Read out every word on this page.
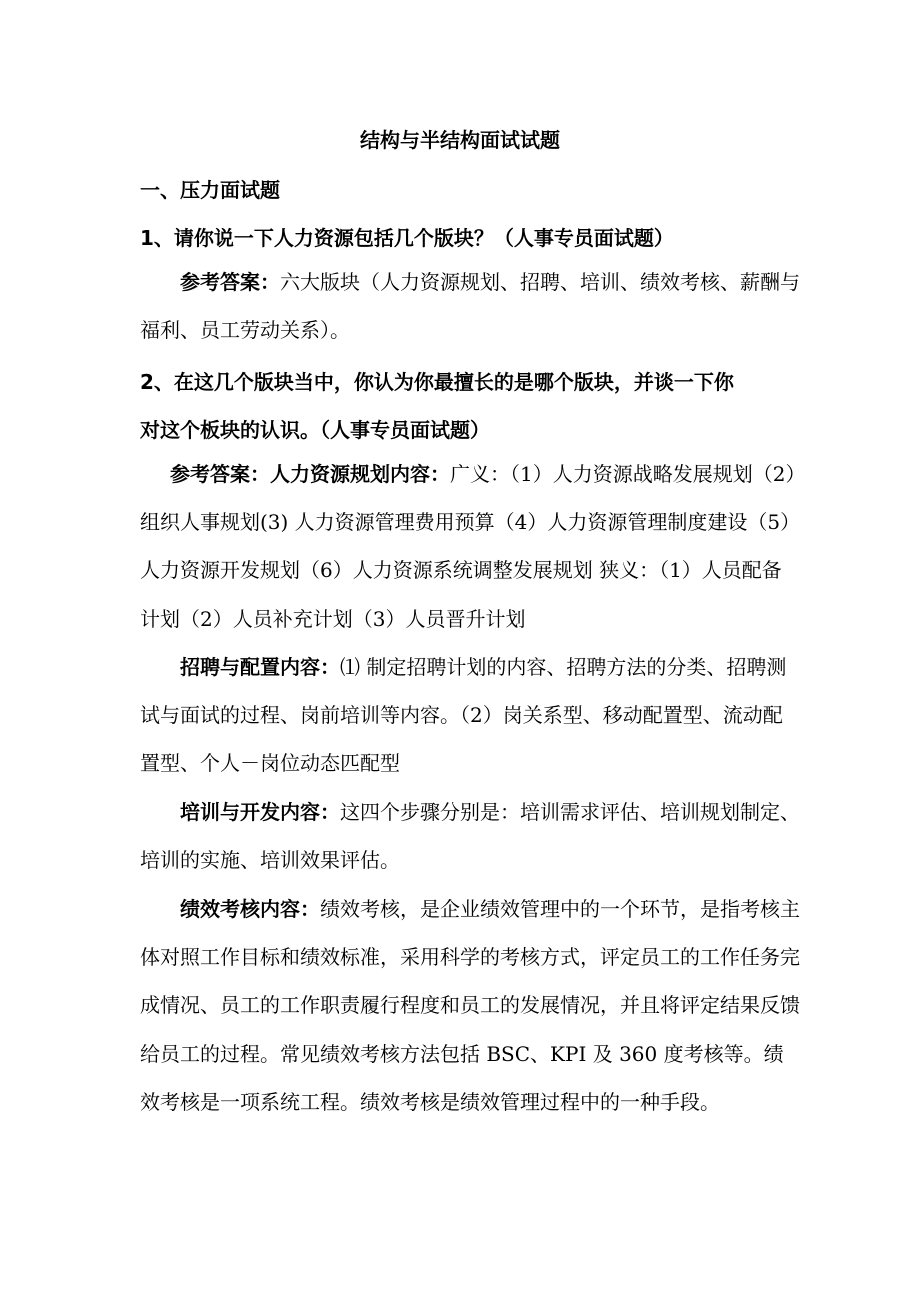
结构与半结构面试试题
一、压力面试题
1、请你说一下人力资源包括几个版块？（人事专员面试题）
参考答案：六大版块（人力资源规划、招聘、培训、绩效考核、薪酬与福利、员工劳动关系）。
2、在这几个版块当中，你认为你最擅长的是哪个版块，并谈一下你
对这个板块的认识。（人事专员面试题）
参考答案：人力资源规划内容：广义：（1）人力资源战略发展规划（2）组织人事规划(3) 人力资源管理费用预算（4）人力资源管理制度建设（5）人力资源开发规划（6）人力资源系统调整发展规划 狭义：（1）人员配备计划（2）人员补充计划（3）人员晋升计划
招聘与配置内容：⑴ 制定招聘计划的内容、招聘方法的分类、招聘测试与面试的过程、岗前培训等内容。（2）岗关系型、移动配置型、流动配置型、个人－岗位动态匹配型
培训与开发内容：这四个步骤分别是：培训需求评估、培训规划制定、培训的实施、培训效果评估。
绩效考核内容：绩效考核，是企业绩效管理中的一个环节，是指考核主体对照工作目标和绩效标准，采用科学的考核方式，评定员工的工作任务完成情况、员工的工作职责履行程度和员工的发展情况，并且将评定结果反馈给员工的过程。常见绩效考核方法包括 BSC、KPI 及 360 度考核等。绩效考核是一项系统工程。绩效考核是绩效管理过程中的一种手段。
